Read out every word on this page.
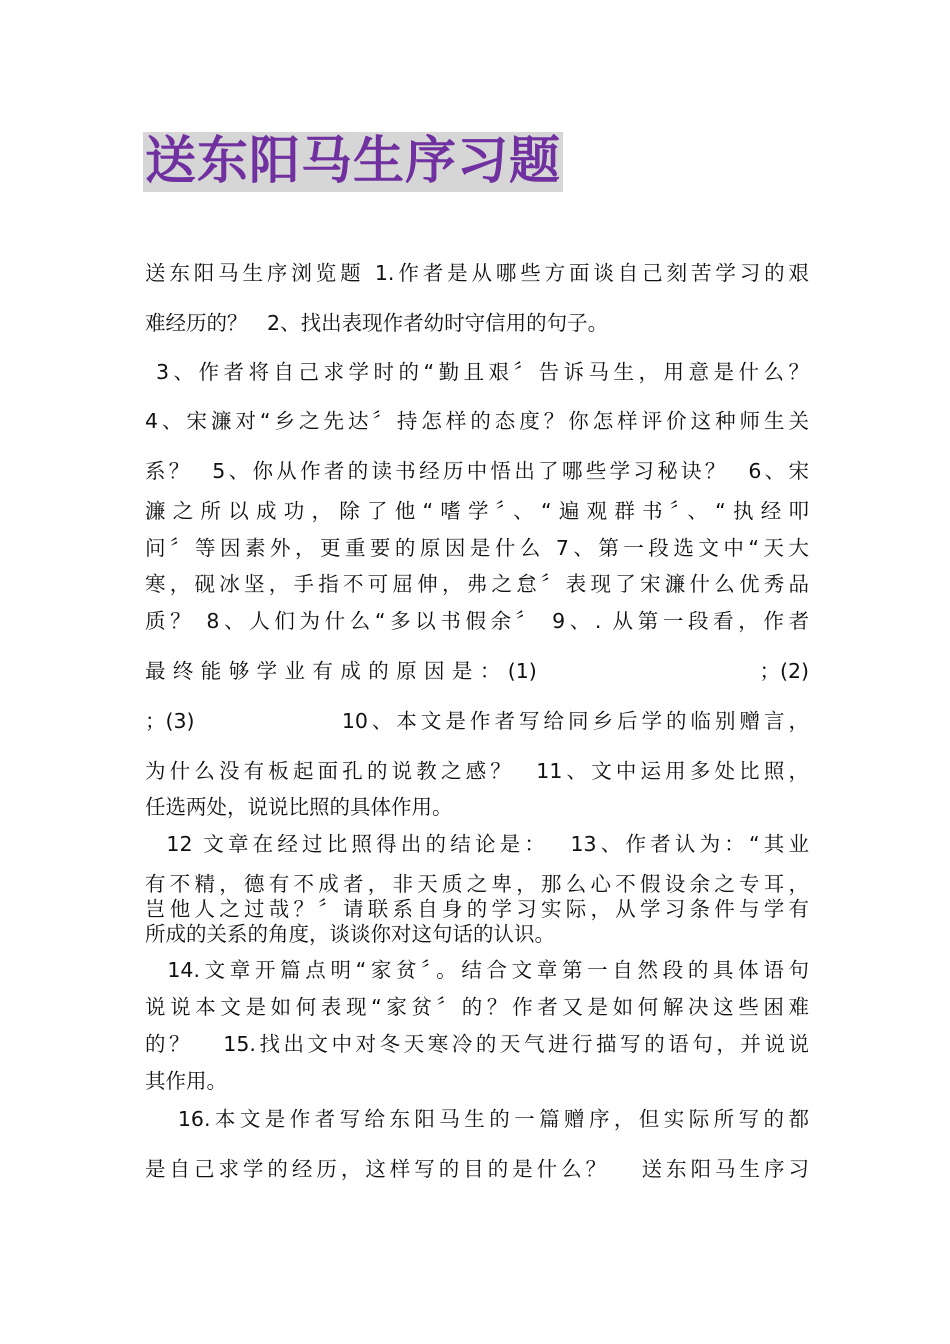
送东阳马生序习题
送东阳马生序浏览题 1.作者是从哪些方面谈自己刻苦学习的艰
难经历的？   2、找出表现作者幼时守信用的句子。
3、作者将自己求学时的“勤且艰〞告诉马生，用意是什么？
4、宋濂对“乡之先达〞持怎样的态度？你怎样评价这种师生关
系？  5、你从作者的读书经历中悟出了哪些学习秘诀？  6、宋
濂之所以成功，除了他“嗜学〞、“遍观群书〞、“执经叩
问〞等因素外，更重要的原因是什么 7、第一段选文中“天大
寒，砚冰坚，手指不可屈伸，弗之怠〞表现了宋濂什么优秀品
质？ 8、人们为什么“多以书假余〞 9、. 从第一段看，作者
最终能够学业有成的原因是：(1)                ；(2)
；(3)              10、本文是作者写给同乡后学的临别赠言，
为什么没有板起面孔的说教之感？  11、文中运用多处比照，
任选两处，说说比照的具体作用。
12 文章在经过比照得出的结论是：  13、作者认为：“其业
有不精，德有不成者，非天质之卑，那么心不假设余之专耳，
岂他人之过哉？〞请联系自身的学习实际，从学习条件与学有
所成的关系的角度，谈谈你对这句话的认识。
14.文章开篇点明“家贫〞。结合文章第一自然段的具体语句
说说本文是如何表现“家贫〞的？作者又是如何解决这些困难
的？   15.找出文中对冬天寒冷的天气进行描写的语句，并说说
其作用。
16.本文是作者写给东阳马生的一篇赠序，但实际所写的都
是自己求学的经历，这样写的目的是什么？   送东阳马生序习
